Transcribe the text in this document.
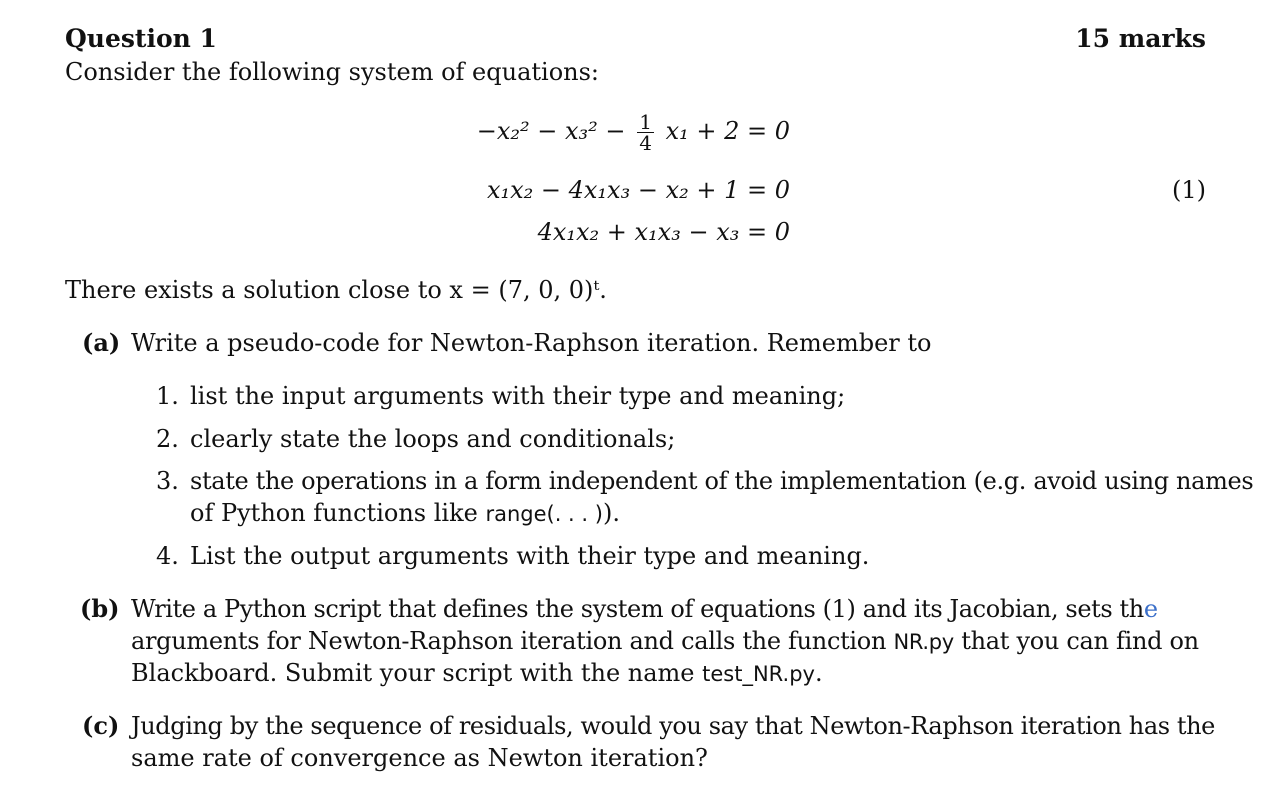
Question 1	15 marks
Consider the following system of equations:
$-x_2^2 - x_3^2 - \frac{1}{4} x_1 + 2 = 0$
x₁x₂ − 4x₁x₃ − x₂ + 1 = 0
4x₁x₂ + x₁x₃ − x₃ = 0
(1)
There exists a solution close to x = (7, 0, 0)ᵗ.
(a) Write a pseudo-code for Newton-Raphson iteration. Remember to
1. list the input arguments with their type and meaning;
2. clearly state the loops and conditionals;
3. state the operations in a form independent of the implementation (e.g. avoid using names
of Python functions like range(. . . )).
4. List the output arguments with their type and meaning.
(b) Write a Python script that defines the system of equations (1) and its Jacobian, sets the
arguments for Newton-Raphson iteration and calls the function NR.py that you can find on
Blackboard. Submit your script with the name test_NR.py.
(c) Judging by the sequence of residuals, would you say that Newton-Raphson iteration has the
same rate of convergence as Newton iteration?
